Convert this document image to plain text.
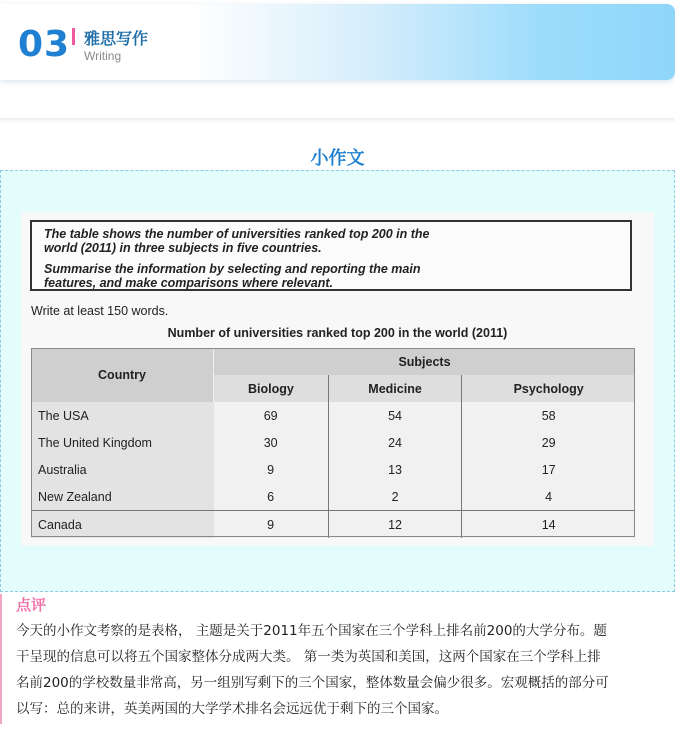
03 雅思写作
Writing
小作文
The table shows the number of universities ranked top 200 in the
world (2011) in three subjects in five countries.
Summarise the information by selecting and reporting the main
features, and make comparisons where relevant.
Write at least 150 words.
Number of universities ranked top 200 in the world (2011)
Country	Subjects		
	Biology	Medicine	Psychology
The USA	69	54	58
The United Kingdom	30	24	29
Australia	9	13	17
New Zealand	6	2	4
Canada	9	12	14
点评
今天的小作文考察的是表格， 主题是关于2011年五个国家在三个学科上排名前200的大学分布。题
干呈现的信息可以将五个国家整体分成两大类。 第一类为英国和美国，这两个国家在三个学科上排
名前200的学校数量非常高，另一组别写剩下的三个国家，整体数量会偏少很多。宏观概括的部分可
以写：总的来讲，英美两国的大学学术排名会远远优于剩下的三个国家。
